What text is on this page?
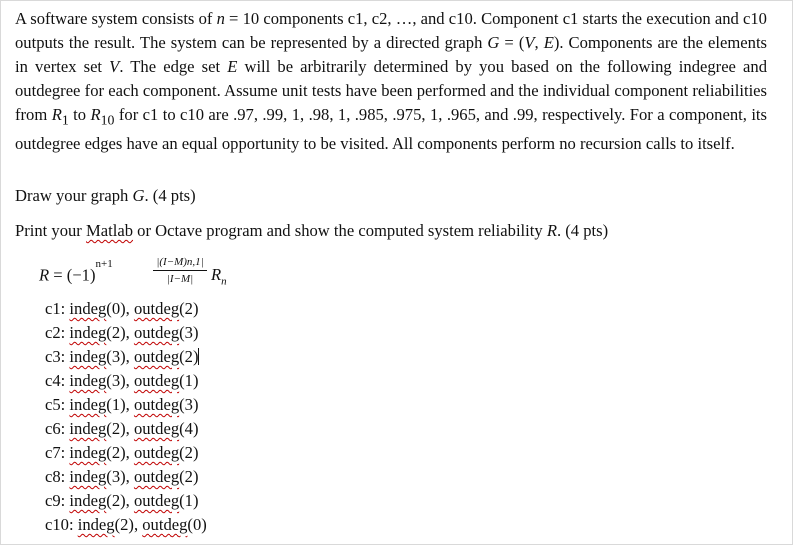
A software system consists of n = 10 components c1, c2, …, and c10. Component c1 starts the execution and c10 outputs the result. The system can be represented by a directed graph G = (V, E). Components are the elements in vertex set V. The edge set E will be arbitrarily determined by you based on the following indegree and outdegree for each component. Assume unit tests have been performed and the individual component reliabilities from $R_1$ to $R_{10}$ for c1 to c10 are .97, .99, 1, .98, 1, .985, .975, 1, .965, and .99, respectively. For a component, its outdegree edges have an equal opportunity to be visited. All components perform no recursion calls to itself.
Draw your graph G. (4 pts)
Print your Matlab or Octave program and show the computed system reliability R. (4 pts)
$R = (-1)^{n+1}$	$\frac{|(I-M)n,1|}{|I-M|} R_n$
c1: indeg(0), outdeg(2)
c2: indeg(2), outdeg(3)
c3: indeg(3), outdeg(2)
c4: indeg(3), outdeg(1)
c5: indeg(1), outdeg(3)
c6: indeg(2), outdeg(4)
c7: indeg(2), outdeg(2)
c8: indeg(3), outdeg(2)
c9: indeg(2), outdeg(1)
c10: indeg(2), outdeg(0)
